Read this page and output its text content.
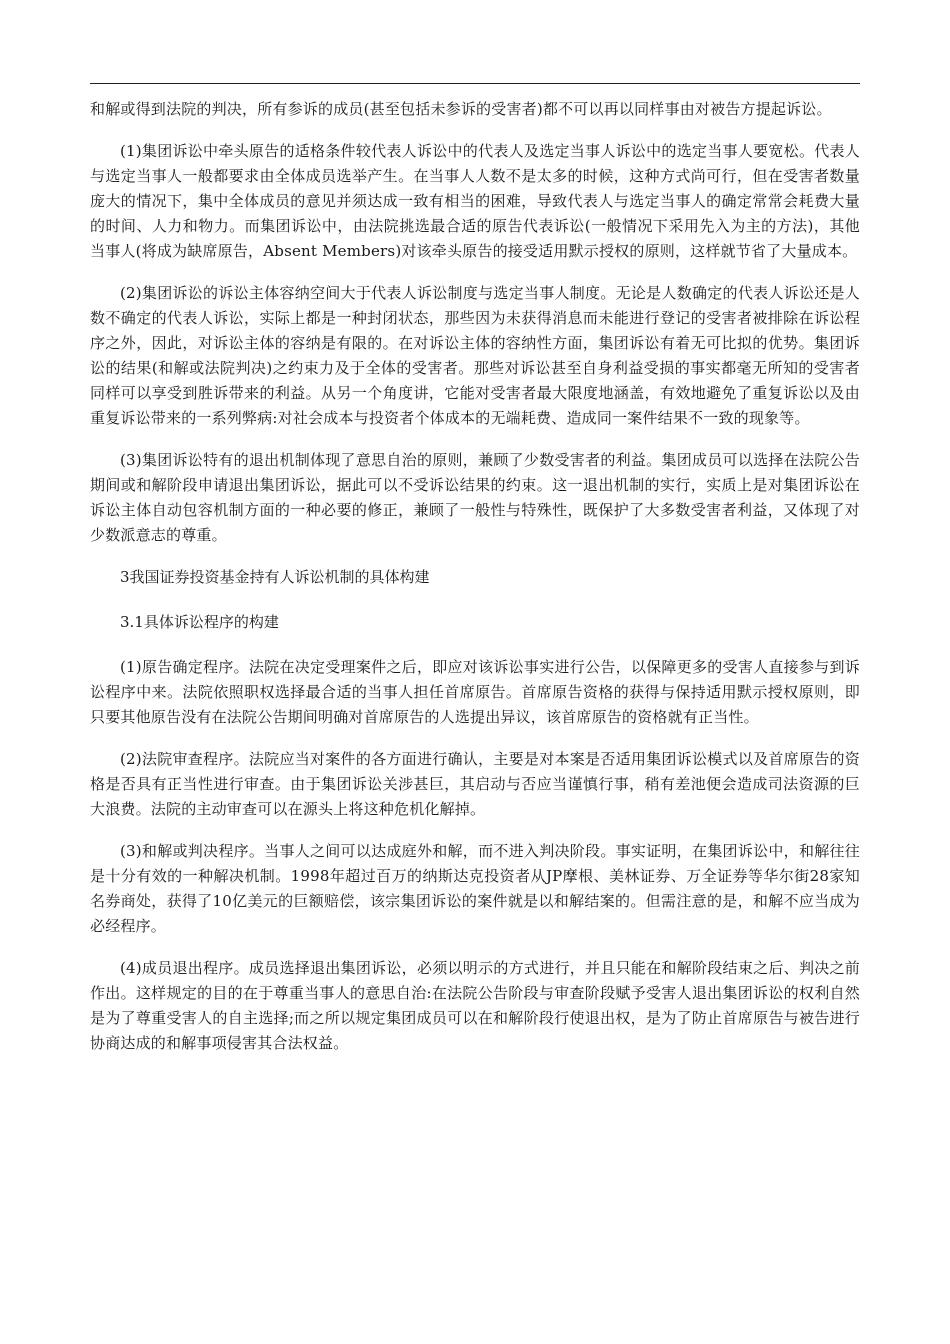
和解或得到法院的判决，所有参诉的成员(甚至包括未参诉的受害者)都不可以再以同样事由对被告方提起诉讼。

(1)集团诉讼中牵头原告的适格条件较代表人诉讼中的代表人及选定当事人诉讼中的选定当事人要宽松。代表人与选定当事人一般都要求由全体成员选举产生。在当事人人数不是太多的时候，这种方式尚可行，但在受害者数量庞大的情况下，集中全体成员的意见并须达成一致有相当的困难，导致代表人与选定当事人的确定常常会耗费大量的时间、人力和物力。而集团诉讼中，由法院挑选最合适的原告代表诉讼(一般情况下采用先入为主的方法)，其他当事人(将成为缺席原告，Absent Members)对该牵头原告的接受适用默示授权的原则，这样就节省了大量成本。

(2)集团诉讼的诉讼主体容纳空间大于代表人诉讼制度与选定当事人制度。无论是人数确定的代表人诉讼还是人数不确定的代表人诉讼，实际上都是一种封闭状态，那些因为未获得消息而未能进行登记的受害者被排除在诉讼程序之外，因此，对诉讼主体的容纳是有限的。在对诉讼主体的容纳性方面，集团诉讼有着无可比拟的优势。集团诉讼的结果(和解或法院判决)之约束力及于全体的受害者。那些对诉讼甚至自身利益受损的事实都毫无所知的受害者同样可以享受到胜诉带来的利益。从另一个角度讲，它能对受害者最大限度地涵盖，有效地避免了重复诉讼以及由重复诉讼带来的一系列弊病:对社会成本与投资者个体成本的无端耗费、造成同一案件结果不一致的现象等。

(3)集团诉讼特有的退出机制体现了意思自治的原则，兼顾了少数受害者的利益。集团成员可以选择在法院公告期间或和解阶段申请退出集团诉讼，据此可以不受诉讼结果的约束。这一退出机制的实行，实质上是对集团诉讼在诉讼主体自动包容机制方面的一种必要的修正，兼顾了一般性与特殊性，既保护了大多数受害者利益，又体现了对少数派意志的尊重。

3我国证券投资基金持有人诉讼机制的具体构建

3.1具体诉讼程序的构建

(1)原告确定程序。法院在决定受理案件之后，即应对该诉讼事实进行公告，以保障更多的受害人直接参与到诉讼程序中来。法院依照职权选择最合适的当事人担任首席原告。首席原告资格的获得与保持适用默示授权原则，即只要其他原告没有在法院公告期间明确对首席原告的人选提出异议，该首席原告的资格就有正当性。

(2)法院审查程序。法院应当对案件的各方面进行确认，主要是对本案是否适用集团诉讼模式以及首席原告的资格是否具有正当性进行审查。由于集团诉讼关涉甚巨，其启动与否应当谨慎行事，稍有差池便会造成司法资源的巨大浪费。法院的主动审查可以在源头上将这种危机化解掉。

(3)和解或判决程序。当事人之间可以达成庭外和解，而不进入判决阶段。事实证明，在集团诉讼中，和解往往是十分有效的一种解决机制。1998年超过百万的纳斯达克投资者从JP摩根、美林证券、万全证券等华尔街28家知名券商处，获得了10亿美元的巨额赔偿，该宗集团诉讼的案件就是以和解结案的。但需注意的是，和解不应当成为必经程序。

(4)成员退出程序。成员选择退出集团诉讼，必须以明示的方式进行，并且只能在和解阶段结束之后、判决之前作出。这样规定的目的在于尊重当事人的意思自治:在法院公告阶段与审查阶段赋予受害人退出集团诉讼的权利自然是为了尊重受害人的自主选择;而之所以规定集团成员可以在和解阶段行使退出权，是为了防止首席原告与被告进行协商达成的和解事项侵害其合法权益。
